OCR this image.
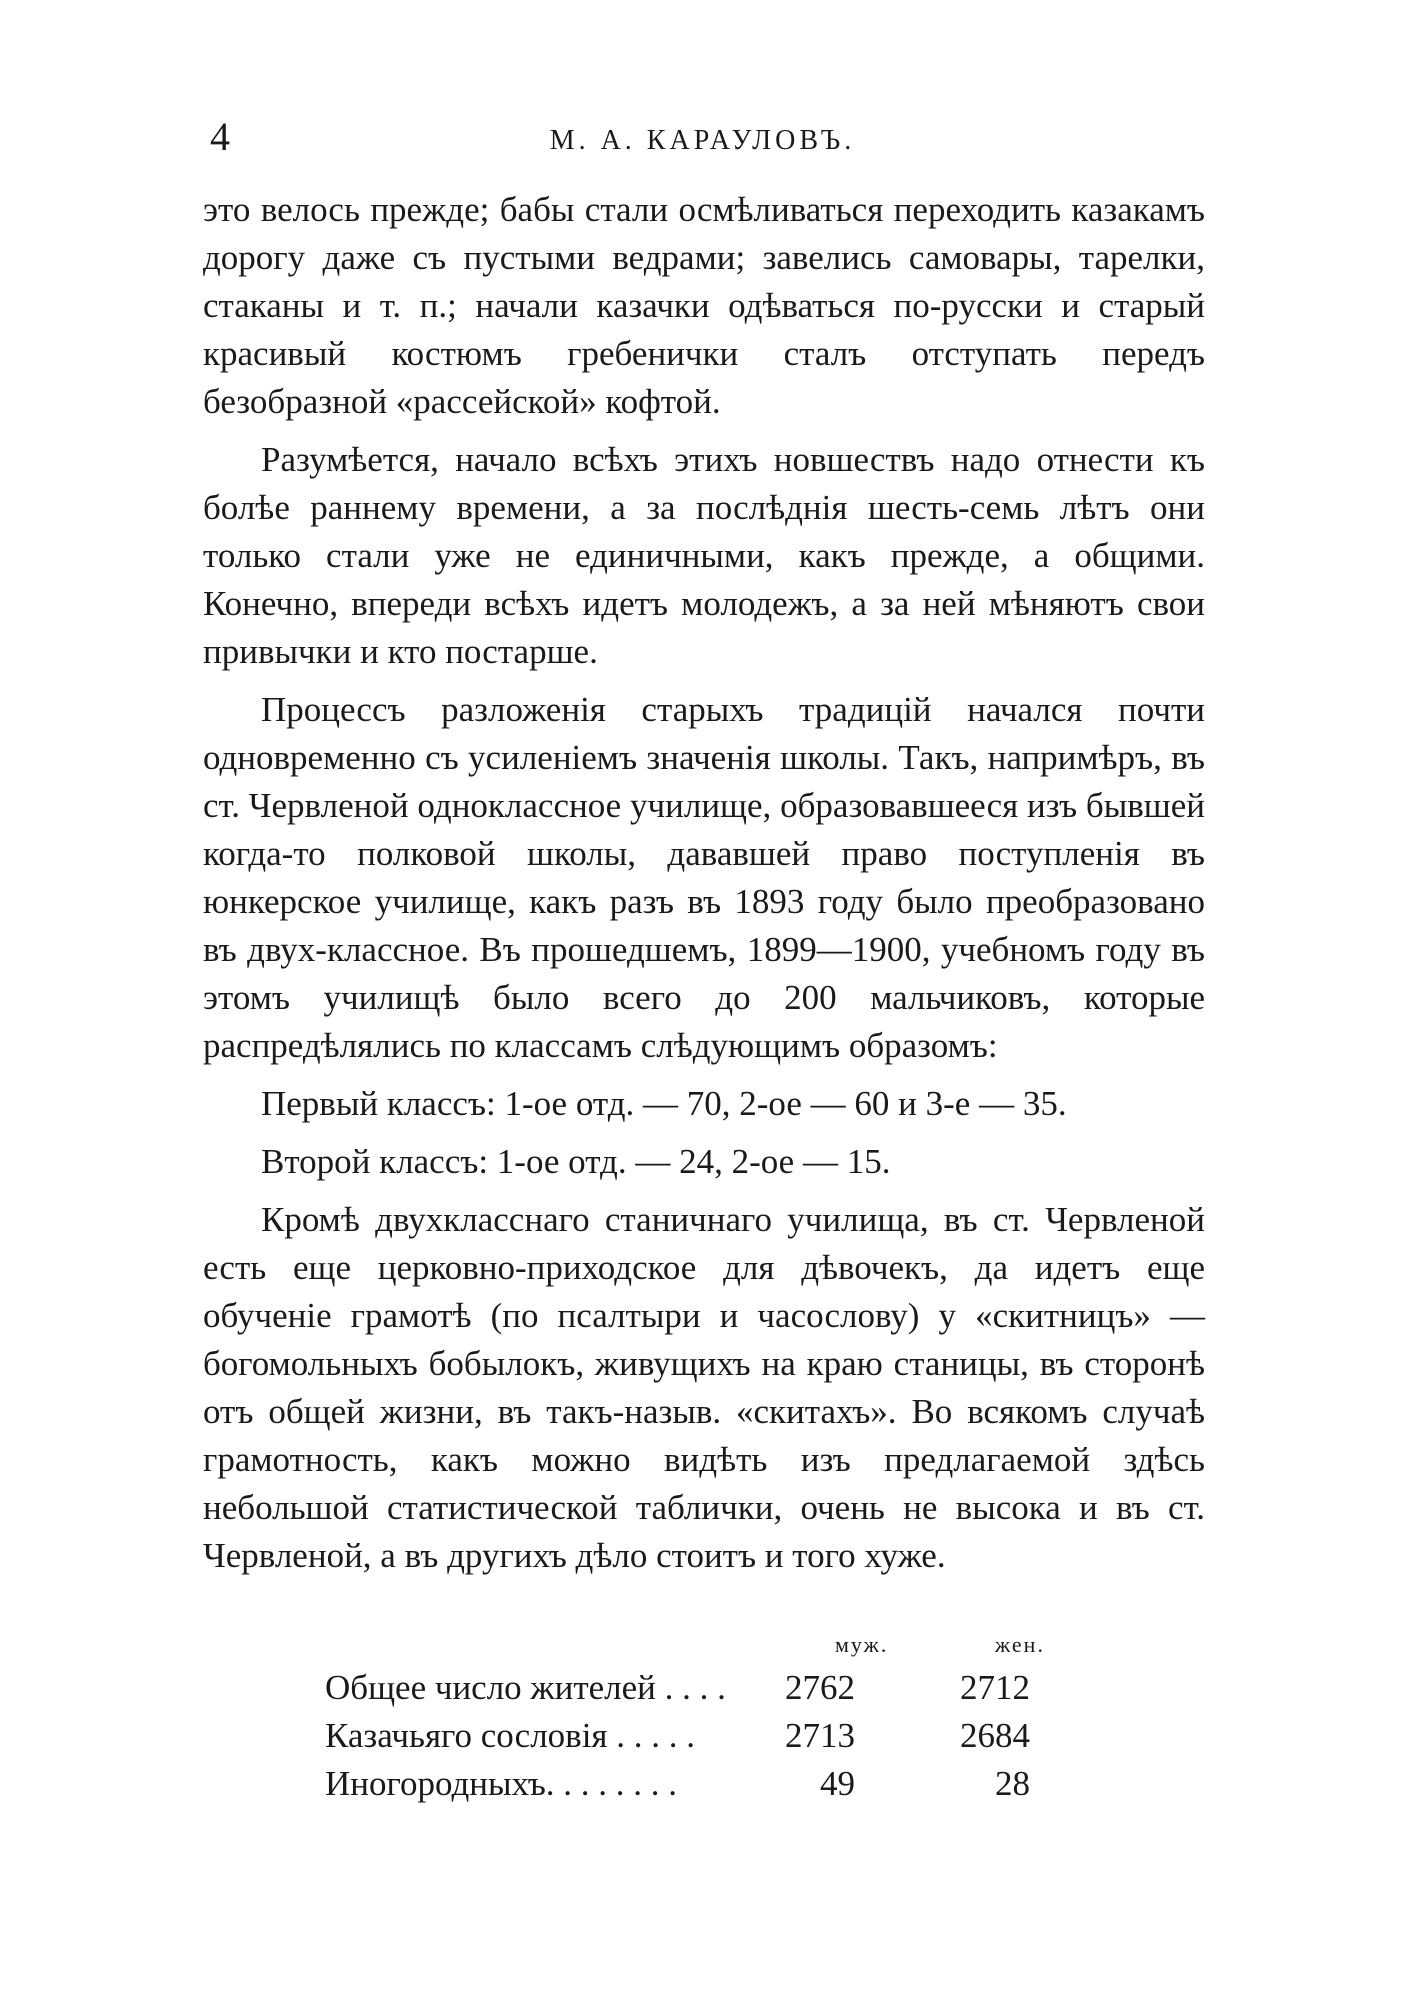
4	М. А. КАРАУЛОВЪ.

это велось прежде; бабы стали осмѣливаться переходить казакамъ дорогу даже съ пустыми ведрами; завелись самовары, тарелки, стаканы и т. п.; начали казачки одѣваться по-русски и старый красивый костюмъ гребенички сталъ отступать передъ безобразной «рассейской» кофтой.

Разумѣется, начало всѣхъ этихъ новшествъ надо отнести къ болѣе раннему времени, а за послѣднія шесть-семь лѣтъ они только стали уже не единичными, какъ прежде, а общими. Конечно, впереди всѣхъ идетъ молодежъ, а за ней мѣняютъ свои привычки и кто постарше.

Процессъ разложенія старыхъ традицій начался почти одновременно съ усиленіемъ значенія школы. Такъ, напримѣръ, въ ст. Червленой одноклассное училище, образовавшееся изъ бывшей когда-то полковой школы, дававшей право поступленія въ юнкерское училище, какъ разъ въ 1893 году было преобразовано въ двух-классное. Въ прошедшемъ, 1899—1900, учебномъ году въ этомъ училищѣ было всего до 200 мальчиковъ, которые распредѣлялись по классамъ слѣдующимъ образомъ:

Первый классъ: 1-ое отд. — 70, 2-ое — 60 и 3-е — 35.

Второй классъ: 1-ое отд. — 24, 2-ое — 15.

Кромѣ двухкласснаго станичнаго училища, въ ст. Червленой есть еще церковно-приходское для дѣвочекъ, да идетъ еще обученіе грамотѣ (по псалтыри и часослову) у «скитницъ» — богомольныхъ бобылокъ, живущихъ на краю станицы, въ сторонѣ отъ общей жизни, въ такъ-назыв. «скитахъ». Во всякомъ случаѣ грамотность, какъ можно видѣть изъ предлагаемой здѣсь небольшой статистической таблички, очень не высока и въ ст. Червленой, а въ другихъ дѣло стоитъ и того хуже.

муж.	жен.
Общее число жителей . . . . 2762	2712
Казачьяго сословія . . . . .	2713	2684
Иногородныхъ. . . . . . . .	49	28
